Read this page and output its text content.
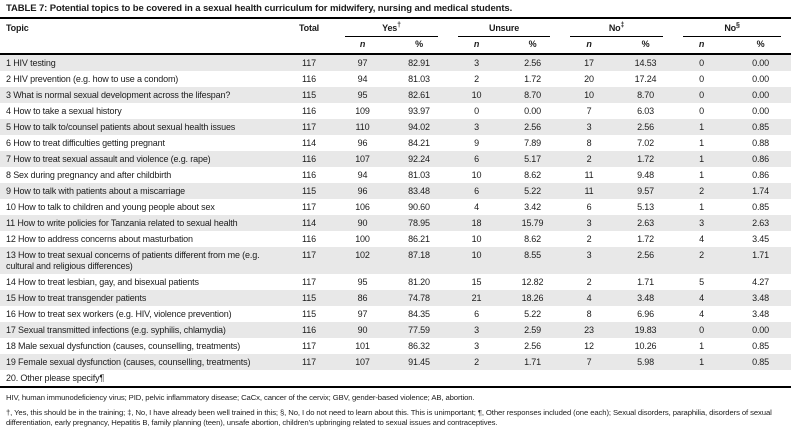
TABLE 7: Potential topics to be covered in a sexual health curriculum for midwifery, nursing and medical students.
Topic	Total	Yes†		Unsure		No‡		No§

		n	%	n	%	n	%	n	%
1 HIV testing	117	97	82.91	3	2.56	17	14.53	0	0.00
2 HIV prevention (e.g. how to use a condom)	116	94	81.03	2	1.72	20	17.24	0	0.00
3 What is normal sexual development across the lifespan?	115	95	82.61	10	8.70	10	8.70	0	0.00
4 How to take a sexual history	116	109	93.97	0	0.00	7	6.03	0	0.00
5 How to talk to/counsel patients about sexual health issues	117	110	94.02	3	2.56	3	2.56	1	0.85
6 How to treat difficulties getting pregnant	114	96	84.21	9	7.89	8	7.02	1	0.88
7 How to treat sexual assault and violence (e.g. rape)	116	107	92.24	6	5.17	2	1.72	1	0.86
8 Sex during pregnancy and after childbirth	116	94	81.03	10	8.62	11	9.48	1	0.86
9 How to talk with patients about a miscarriage	115	96	83.48	6	5.22	11	9.57	2	1.74
10 How to talk to children and young people about sex	117	106	90.60	4	3.42	6	5.13	1	0.85
11 How to write policies for Tanzania related to sexual health	114	90	78.95	18	15.79	3	2.63	3	2.63
12 How to address concerns about masturbation	116	100	86.21	10	8.62	2	1.72	4	3.45
13 How to treat sexual concerns of patients different from me (e.g. cultural and religious differences)	117	102	87.18	10	8.55	3	2.56	2	1.71
14 How to treat lesbian, gay, and bisexual patients	117	95	81.20	15	12.82	2	1.71	5	4.27
15 How to treat transgender patients	115	86	74.78	21	18.26	4	3.48	4	3.48
16 How to treat sex workers (e.g. HIV, violence prevention)	115	97	84.35	6	5.22	8	6.96	4	3.48
17 Sexual transmitted infections (e.g. syphilis, chlamydia)	116	90	77.59	3	2.59	23	19.83	0	0.00
18 Male sexual dysfunction (causes, counselling, treatments)	117	101	86.32	3	2.56	12	10.26	1	0.85
19 Female sexual dysfunction (causes, counselling, treatments)	117	107	91.45	2	1.71	7	5.98	1	0.85
20. Other please specify¶									

HIV, human immunodeficiency virus; PID, pelvic inflammatory disease; CaCx, cancer of the cervix; GBV, gender-based violence; AB, abortion.

†, Yes, this should be in the training; ‡, No, I have already been well trained in this; §, No, I do not need to learn about this. This is unimportant; ¶, Other responses included (one each); Sexual disorders, paraphilia, disorders of sexual differentiation, early pregnancy, Hepatitis B, family planning (teen), unsafe abortion, children’s upbringing related to sexual issues and contraceptives.
